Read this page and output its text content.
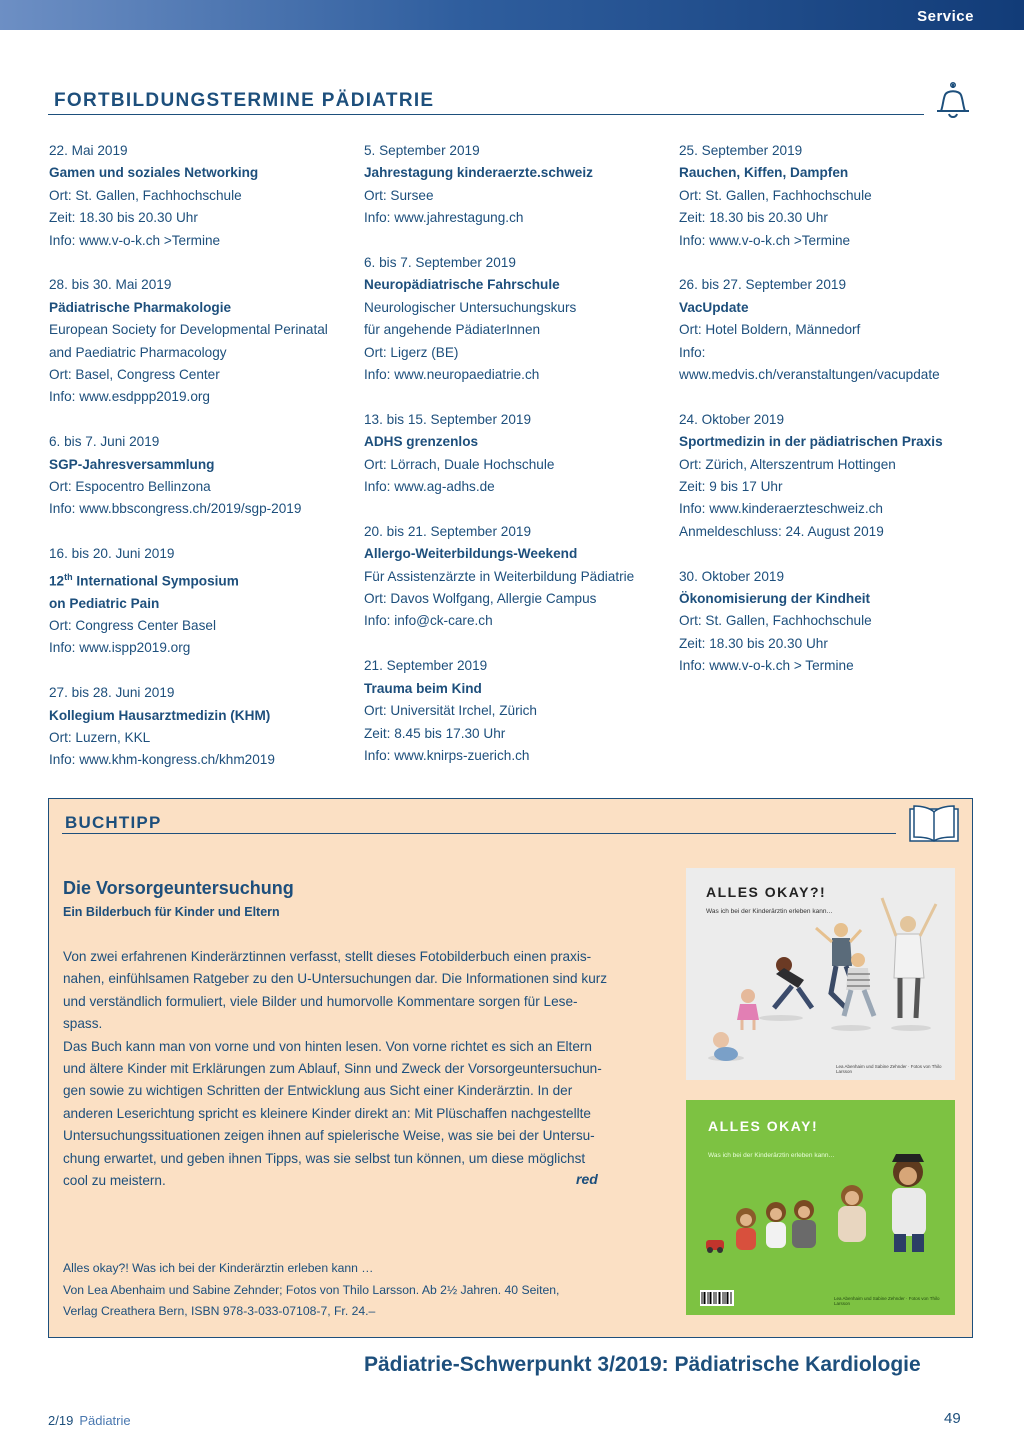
Service
FORTBILDUNGSTERMINE PÄDIATRIE
22. Mai 2019
Gamen und soziales Networking
Ort: St. Gallen, Fachhochschule
Zeit: 18.30 bis 20.30 Uhr
Info: www.v-o-k.ch >Termine
28. bis 30. Mai 2019
Pädiatrische Pharmakologie
European Society for Developmental Perinatal
and Paediatric Pharmacology
Ort: Basel, Congress Center
Info: www.esdppp2019.org
6. bis 7. Juni 2019
SGP-Jahresversammlung
Ort: Espocentro Bellinzona
Info: www.bbscongress.ch/2019/sgp-2019
16. bis 20. Juni 2019
12th International Symposium
on Pediatric Pain
Ort: Congress Center Basel
Info: www.ispp2019.org
27. bis 28. Juni 2019
Kollegium Hausarztmedizin (KHM)
Ort: Luzern, KKL
Info: www.khm-kongress.ch/khm2019
5. September 2019
Jahrestagung kinderaerzte.schweiz
Ort: Sursee
Info: www.jahrestagung.ch
6. bis 7. September 2019
Neuropädiatrische Fahrschule
Neurologischer Untersuchungskurs
für angehende PädiaterInnen
Ort: Ligerz (BE)
Info: www.neuropaediatrie.ch
13. bis 15. September 2019
ADHS grenzenlos
Ort: Lörrach, Duale Hochschule
Info: www.ag-adhs.de
20. bis 21. September 2019
Allergo-Weiterbildungs-Weekend
Für Assistenzärzte in Weiterbildung Pädiatrie
Ort: Davos Wolfgang, Allergie Campus
Info: info@ck-care.ch
21. September 2019
Trauma beim Kind
Ort: Universität Irchel, Zürich
Zeit: 8.45 bis 17.30 Uhr
Info: www.knirps-zuerich.ch
25. September 2019
Rauchen, Kiffen, Dampfen
Ort: St. Gallen, Fachhochschule
Zeit: 18.30 bis 20.30 Uhr
Info: www.v-o-k.ch >Termine
26. bis 27. September 2019
VacUpdate
Ort: Hotel Boldern, Männedorf
Info:
www.medvis.ch/veranstaltungen/vacupdate
24. Oktober 2019
Sportmedizin in der pädiatrischen Praxis
Ort: Zürich, Alterszentrum Hottingen
Zeit: 9 bis 17 Uhr
Info: www.kinderaerzteschweiz.ch
Anmeldeschluss: 24. August 2019
30. Oktober 2019
Ökonomisierung der Kindheit
Ort: St. Gallen, Fachhochschule
Zeit: 18.30 bis 20.30 Uhr
Info: www.v-o-k.ch > Termine
BUCHTIPP
Die Vorsorgeuntersuchung
Ein Bilderbuch für Kinder und Eltern
Von zwei erfahrenen Kinderärztinnen verfasst, stellt dieses Fotobilderbuch einen praxis-
nahen, einfühlsamen Ratgeber zu den U-Untersuchungen dar. Die Informationen sind kurz
und verständlich formuliert, viele Bilder und humorvolle Kommentare sorgen für Lese-
spass.
Das Buch kann man von vorne und von hinten lesen. Von vorne richtet es sich an Eltern
und ältere Kinder mit Erklärungen zum Ablauf, Sinn und Zweck der Vorsorgeuntersuchun-
gen sowie zu wichtigen Schritten der Entwicklung aus Sicht einer Kinderärztin. In der
anderen Leserichtung spricht es kleinere Kinder direkt an: Mit Plüschaffen nachgestellte
Untersuchungssituationen zeigen ihnen auf spielerische Weise, was sie bei der Untersu-
chung erwartet, und geben ihnen Tipps, was sie selbst tun können, um diese möglichst
cool zu meistern.	red
Alles okay?! Was ich bei der Kinderärztin erleben kann …
Von Lea Abenhaim und Sabine Zehnder; Fotos von Thilo Larsson. Ab 2½ Jahren. 40 Seiten,
Verlag Creathera Bern, ISBN 978-3-033-07108-7, Fr. 24.–
ALLES OKAY?!
Was ich bei der Kinderärztin erleben kann…
Lea Abenhaim und Sabine Zehnder · Fotos von Thilo Larsson
ALLES OKAY!
Was ich bei der Kinderärztin erleben kann…
Lea Abenhaim und Sabine Zehnder · Fotos von Thilo Larsson
Pädiatrie-Schwerpunkt 3/2019: Pädiatrische Kardiologie
2/19 Pädiatrie	49
